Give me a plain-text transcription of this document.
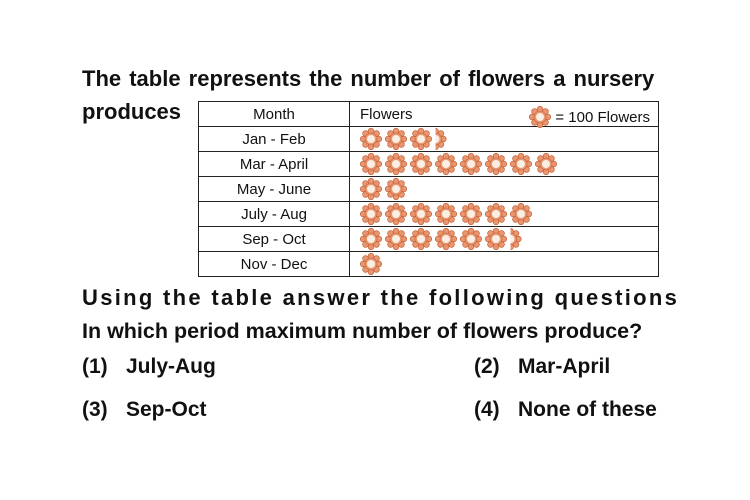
The table represents the number of flowers a nursery
produces	Month	Flowers = 100 Flowers

Jan - Feb	

Mar - April	

May - June	

July - Aug	

Sep - Oct	

Nov - Dec	
Using the table answer the following questions
In which period maximum number of flowers produce?
(1) July-Aug	(2) Mar-April
(3) Sep-Oct	(4) None of these
